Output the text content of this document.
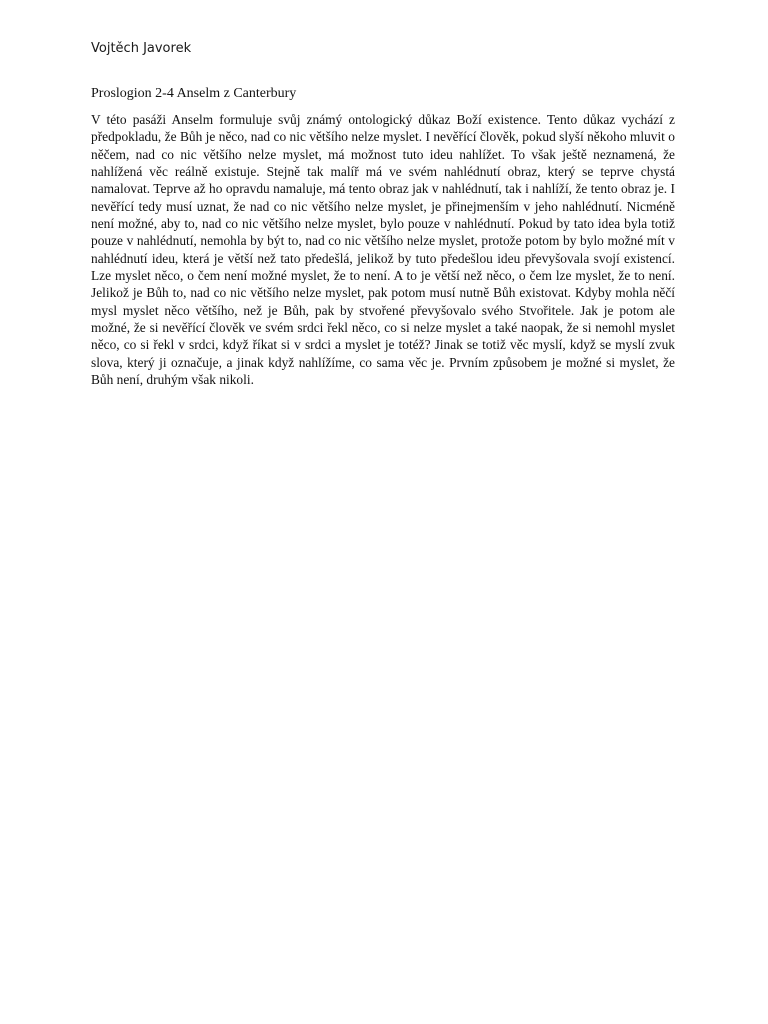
Vojtěch Javorek

Proslogion 2-4 Anselm z Canterbury

V této pasáži Anselm formuluje svůj známý ontologický důkaz Boží existence. Tento důkaz vychází z předpokladu, že Bůh je něco, nad co nic většího nelze myslet. I nevěřící člověk, pokud slyší někoho mluvit o něčem, nad co nic většího nelze myslet, má možnost tuto ideu nahlížet. To však ještě neznamená, že nahlížená věc reálně existuje. Stejně tak malíř má ve svém nahlédnutí obraz, který se teprve chystá namalovat. Teprve až ho opravdu namaluje, má tento obraz jak v nahlédnutí, tak i nahlíží, že tento obraz je. I nevěřící tedy musí uznat, že nad co nic většího nelze myslet, je přinejmenším v jeho nahlédnutí. Nicméně není možné, aby to, nad co nic většího nelze myslet, bylo pouze v nahlédnutí. Pokud by tato idea byla totiž pouze v nahlédnutí, nemohla by být to, nad co nic většího nelze myslet, protože potom by bylo možné mít v nahlédnutí ideu, která je větší než tato předešlá, jelikož by tuto předešlou ideu převyšovala svojí existencí. Lze myslet něco, o čem není možné myslet, že to není. A to je větší než něco, o čem lze myslet, že to není. Jelikož je Bůh to, nad co nic většího nelze myslet, pak potom musí nutně Bůh existovat. Kdyby mohla něčí mysl myslet něco většího, než je Bůh, pak by stvořené převyšovalo svého Stvořitele. Jak je potom ale možné, že si nevěřící člověk ve svém srdci řekl něco, co si nelze myslet a také naopak, že si nemohl myslet něco, co si řekl v srdci, když říkat si v srdci a myslet je totéž? Jinak se totiž věc myslí, když se myslí zvuk slova, který ji označuje, a jinak když nahlížíme, co sama věc je. Prvním způsobem je možné si myslet, že Bůh není, druhým však nikoli.
